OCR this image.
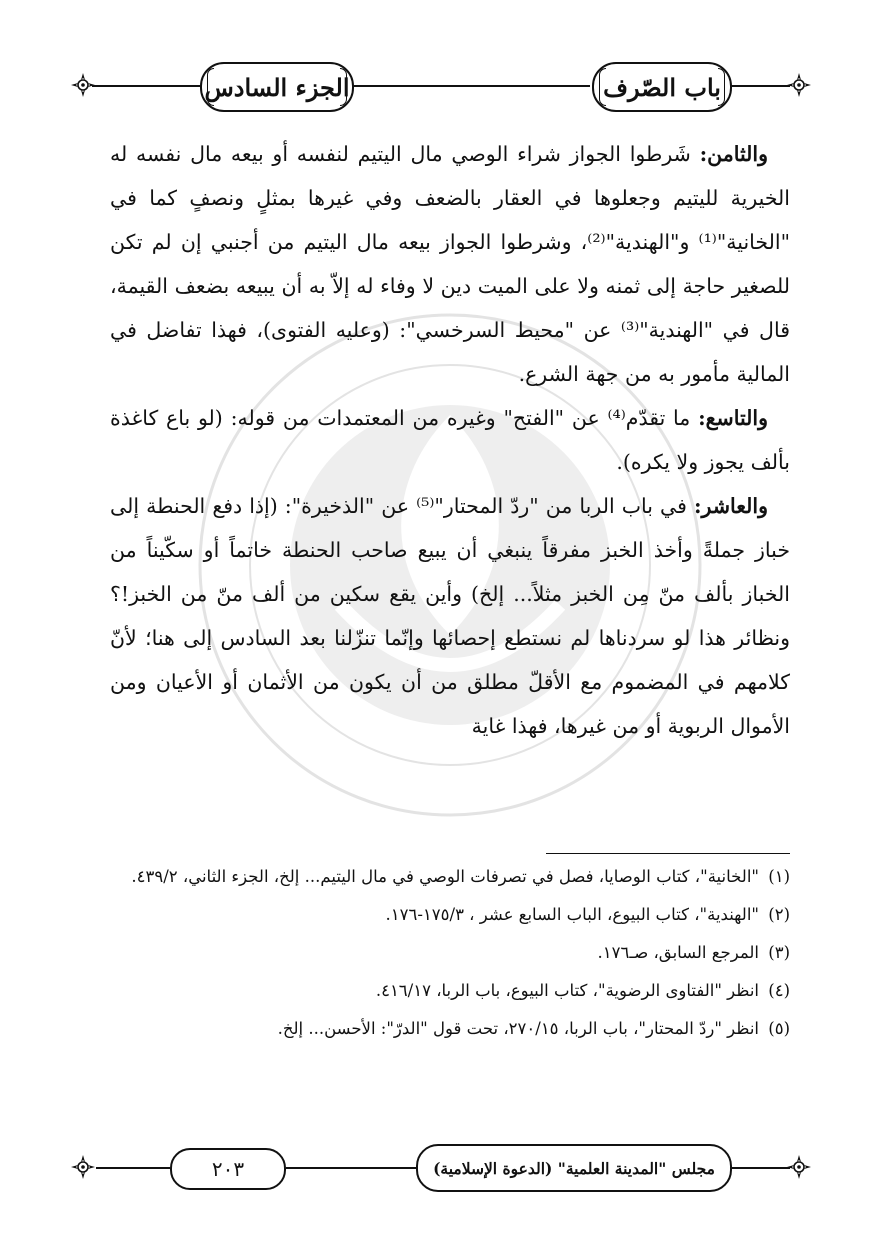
الجزء السادس	باب الصّرف

والثامن: شَرطوا الجواز شراء الوصي مال اليتيم لنفسه أو بيعه مال نفسه له الخيرية لليتيم وجعلوها في العقار بالضعف وفي غيرها بمثلٍ ونصفٍ كما في "الخانية"⁽¹⁾ و"الهندية"⁽²⁾، وشرطوا الجواز بيعه مال اليتيم من أجنبي إن لم تكن للصغير حاجة إلى ثمنه ولا على الميت دين لا وفاء له إلاّ به أن يبيعه بضعف القيمة، قال في "الهندية"⁽³⁾ عن "محيط السرخسي": (وعليه الفتوى)، فهذا تفاضل في المالية مأمور به من جهة الشرع.

والتاسع: ما تقدّم⁽⁴⁾ عن "الفتح" وغيره من المعتمدات من قوله: (لو باع كاغذة بألف يجوز ولا يكره).

والعاشر: في باب الربا من "ردّ المحتار"⁽⁵⁾ عن "الذخيرة": (إذا دفع الحنطة إلى خباز جملةً وأخذ الخبز مفرقاً ينبغي أن يبيع صاحب الحنطة خاتماً أو سكّيناً من الخباز بألف منّ مِن الخبز مثلاً... إلخ) وأين يقع سكين من ألف منّ من الخبز!؟ ونظائر هذا لو سردناها لم نستطع إحصائها وإنّما تنزّلنا بعد السادس إلى هنا؛ لأنّ كلامهم في المضموم مع الأقلّ مطلق من أن يكون من الأثمان أو الأعيان ومن الأموال الربوية أو من غيرها، فهذا غاية

(١) "الخانية"، كتاب الوصايا، فصل في تصرفات الوصي في مال اليتيم... إلخ، الجزء الثاني، ٤٣٩/٢.

(٢) "الهندية"، كتاب البيوع، الباب السابع عشر ، ١٧٥/٣-١٧٦.

(٣) المرجع السابق، صـ١٧٦.

(٤) انظر "الفتاوى الرضوية"، كتاب البيوع، باب الربا، ٤١٦/١٧.

(٥) انظر "ردّ المحتار"، باب الربا، ٢٧٠/١٥، تحت قول "الدرّ": الأحسن... إلخ.

٢٠٣	مجلس "المدينة العلمية" (الدعوة الإسلامية)
